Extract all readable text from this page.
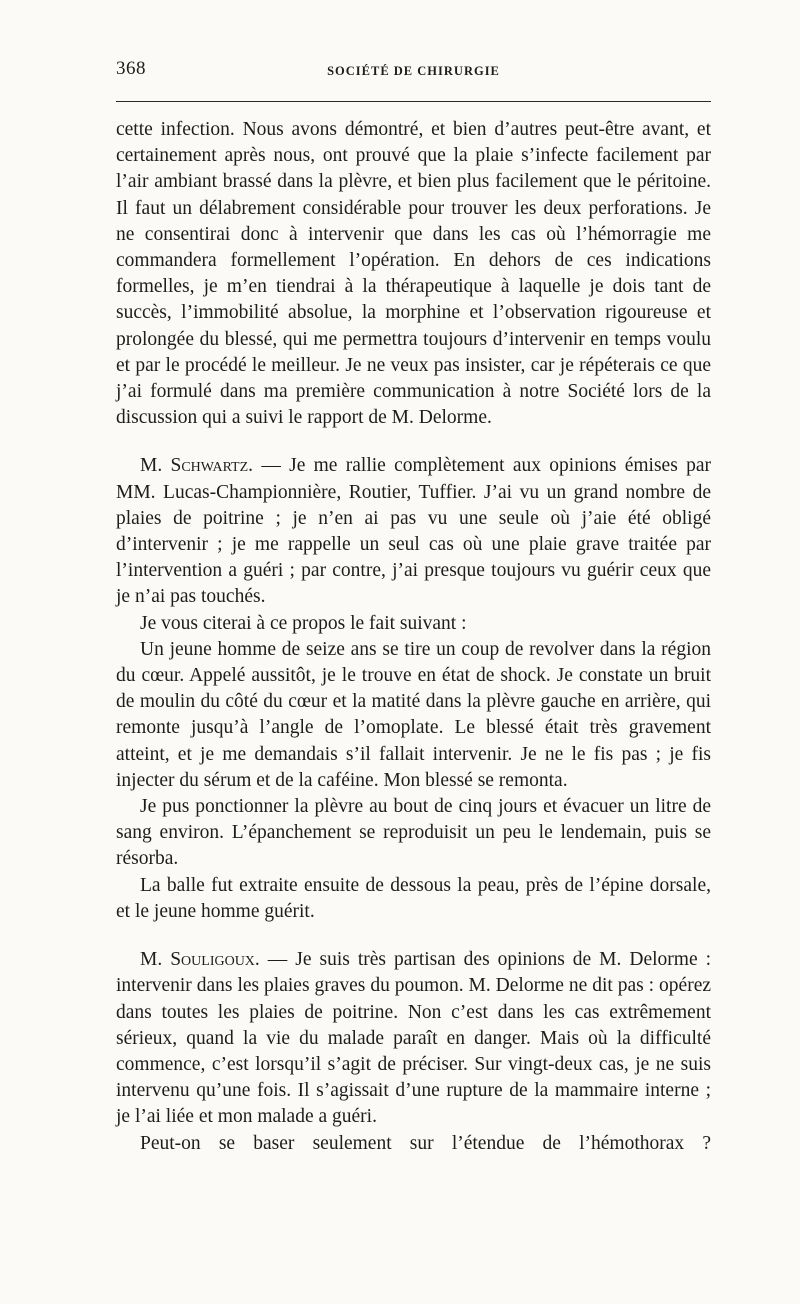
368	SOCIÉTÉ DE CHIRURGIE

cette infection. Nous avons démontré, et bien d’autres peut-être avant, et certainement après nous, ont prouvé que la plaie s’infecte facilement par l’air ambiant brassé dans la plèvre, et bien plus facilement que le péritoine. Il faut un délabrement considérable pour trouver les deux perforations. Je ne consentirai donc à intervenir que dans les cas où l’hémorragie me commandera formellement l’opération. En dehors de ces indications formelles, je m’en tiendrai à la thérapeutique à laquelle je dois tant de succès, l’immobilité absolue, la morphine et l’observation rigoureuse et prolongée du blessé, qui me permettra toujours d’intervenir en temps voulu et par le procédé le meilleur. Je ne veux pas insister, car je répéterais ce que j’ai formulé dans ma première communication à notre Société lors de la discussion qui a suivi le rapport de M. Delorme.

M. Schwartz. — Je me rallie complètement aux opinions émises par MM. Lucas-Championnière, Routier, Tuffier. J’ai vu un grand nombre de plaies de poitrine ; je n’en ai pas vu une seule où j’aie été obligé d’intervenir ; je me rappelle un seul cas où une plaie grave traitée par l’intervention a guéri ; par contre, j’ai presque toujours vu guérir ceux que je n’ai pas touchés.

Je vous citerai à ce propos le fait suivant :

Un jeune homme de seize ans se tire un coup de revolver dans la région du cœur. Appelé aussitôt, je le trouve en état de shock. Je constate un bruit de moulin du côté du cœur et la matité dans la plèvre gauche en arrière, qui remonte jusqu’à l’angle de l’omoplate. Le blessé était très gravement atteint, et je me demandais s’il fallait intervenir. Je ne le fis pas ; je fis injecter du sérum et de la caféine. Mon blessé se remonta.

Je pus ponctionner la plèvre au bout de cinq jours et évacuer un litre de sang environ. L’épanchement se reproduisit un peu le lendemain, puis se résorba.

La balle fut extraite ensuite de dessous la peau, près de l’épine dorsale, et le jeune homme guérit.

M. Souligoux. — Je suis très partisan des opinions de M. Delorme : intervenir dans les plaies graves du poumon. M. Delorme ne dit pas : opérez dans toutes les plaies de poitrine. Non c’est dans les cas extrêmement sérieux, quand la vie du malade paraît en danger. Mais où la difficulté commence, c’est lorsqu’il s’agit de préciser. Sur vingt-deux cas, je ne suis intervenu qu’une fois. Il s’agissait d’une rupture de la mammaire interne ; je l’ai liée et mon malade a guéri.

Peut-on se baser seulement sur l’étendue de l’hémothorax ?
